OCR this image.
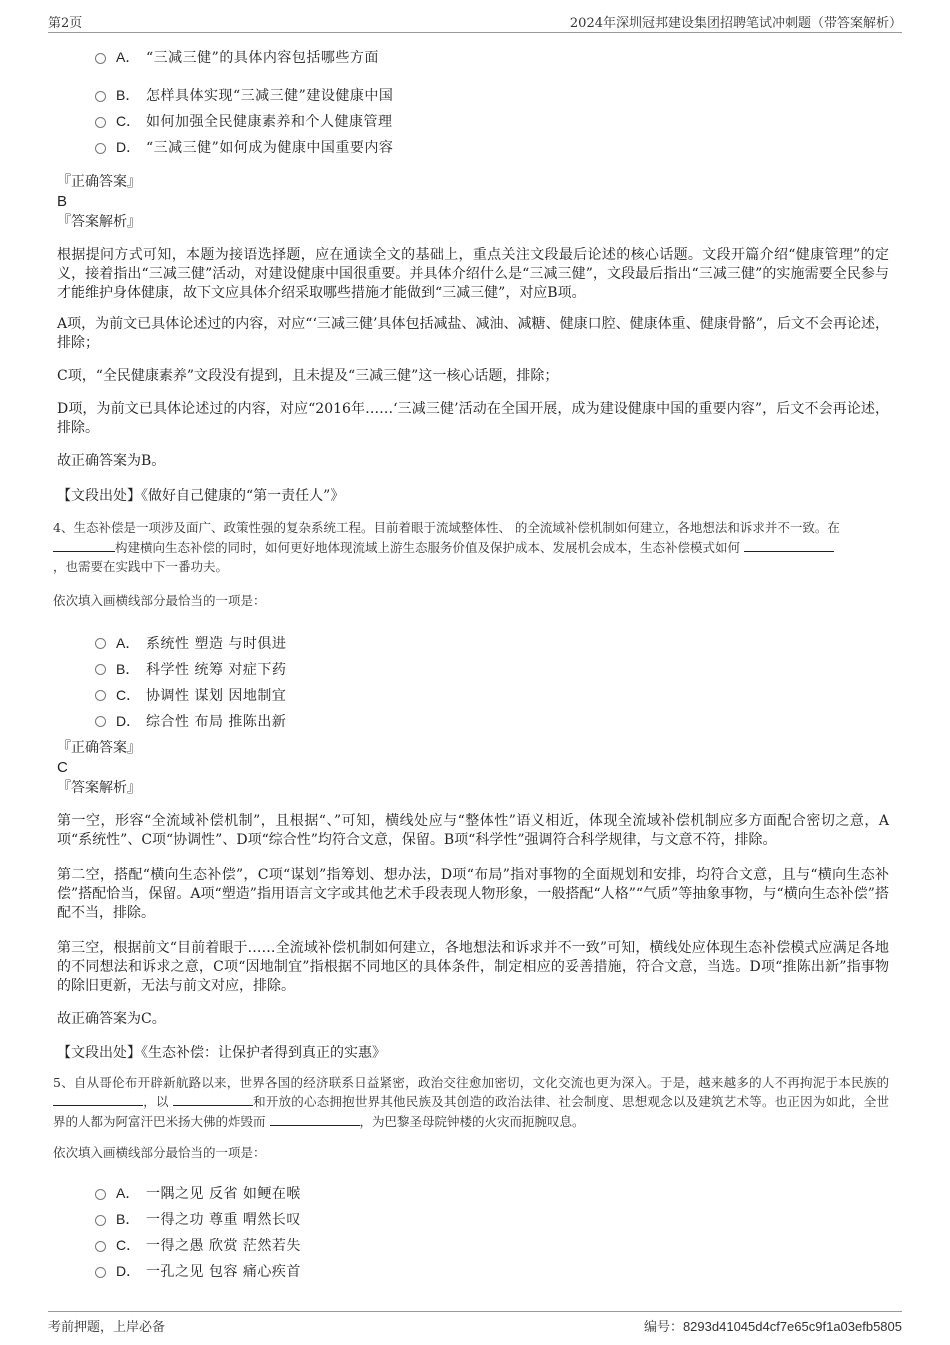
第2页	2024年深圳冠邦建设集团招聘笔试冲刺题（带答案解析）
A． “三减三健”的具体内容包括哪些方面
B． 怎样具体实现“三减三健”建设健康中国
C． 如何加强全民健康素养和个人健康管理
D． “三减三健”如何成为健康中国重要内容
『正确答案』
B
『答案解析』
根据提问方式可知，本题为接语选择题，应在通读全文的基础上，重点关注文段最后论述的核心话题。文段开篇介绍“健康管理”的定义，接着指出“三减三健”活动，对建设健康中国很重要。并具体介绍什么是“三减三健”，文段最后指出“三减三健”的实施需要全民参与才能维护身体健康，故下文应具体介绍采取哪些措施才能做到“三减三健”，对应B项。
A项，为前文已具体论述过的内容，对应“‘三减三健’具体包括减盐、减油、减糖、健康口腔、健康体重、健康骨骼”，后文不会再论述，排除；
C项，“全民健康素养”文段没有提到，且未提及“三减三健”这一核心话题，排除；
D项，为前文已具体论述过的内容，对应“2016年……‘三减三健’活动在全国开展，成为建设健康中国的重要内容”，后文不会再论述，排除。
故正确答案为B。
【文段出处】《做好自己健康的“第一责任人”》
4、生态补偿是一项涉及面广、政策性强的复杂系统工程。目前着眼于流域整体性、 的全流域补偿机制如何建立，各地想法和诉求并不一致。在
构建横向生态补偿的同时，如何更好地体现流域上游生态服务价值及保护成本、发展机会成本，生态补偿模式如何
，也需要在实践中下一番功夫。
依次填入画横线部分最恰当的一项是：
A． 系统性 塑造 与时俱进
B． 科学性 统筹 对症下药
C． 协调性 谋划 因地制宜
D． 综合性 布局 推陈出新
『正确答案』
C
『答案解析』
第一空，形容“全流域补偿机制”，且根据“、”可知，横线处应与“整体性”语义相近，体现全流域补偿机制应多方面配合密切之意，A项“系统性”、C项“协调性”、D项“综合性”均符合文意，保留。B项“科学性”强调符合科学规律，与文意不符，排除。
第二空，搭配“横向生态补偿”，C项“谋划”指筹划、想办法，D项“布局”指对事物的全面规划和安排，均符合文意，且与“横向生态补偿”搭配恰当，保留。A项“塑造”指用语言文字或其他艺术手段表现人物形象，一般搭配“人格”“气质”等抽象事物，与“横向生态补偿”搭配不当，排除。
第三空，根据前文“目前着眼于……全流域补偿机制如何建立，各地想法和诉求并不一致”可知，横线处应体现生态补偿模式应满足各地的不同想法和诉求之意，C项“因地制宜”指根据不同地区的具体条件，制定相应的妥善措施，符合文意，当选。D项“推陈出新”指事物的除旧更新，无法与前文对应，排除。
故正确答案为C。
【文段出处】《生态补偿：让保护者得到真正的实惠》
5、自从哥伦布开辟新航路以来，世界各国的经济联系日益紧密，政治交往愈加密切，文化交流也更为深入。于是，越来越多的人不再拘泥于本民族的 ，以	和开放的心态拥抱世界其他民族及其创造的政治法律、社会制度、思想观念以及建筑艺术等。也正因为如此，全世界的人都为阿富汗巴米扬大佛的炸毁而	，为巴黎圣母院钟楼的火灾而扼腕叹息。
依次填入画横线部分最恰当的一项是：
A． 一隅之见 反省 如鲠在喉
B． 一得之功 尊重 喟然长叹
C． 一得之愚 欣赏 茫然若失
D． 一孔之见 包容 痛心疾首
考前押题，上岸必备	编号：8293d41045d4cf7e65c9f1a03efb5805
